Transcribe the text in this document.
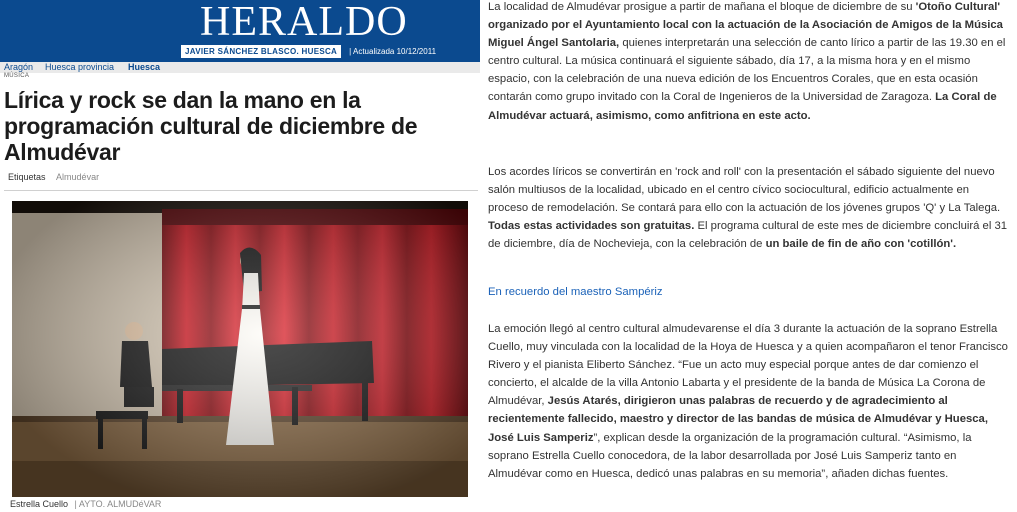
HERALDO
JAVIER SÁNCHEZ BLASCO. HUESCA	| Actualizada 10/12/2011
Aragón Huesca provincia Huesca
MÚSICA
Lírica y rock se dan la mano en la programación cultural de diciembre de Almudévar
Etiquetas Almudévar
Estrella Cuello | AYTO. ALMUDéVAR

La localidad de Almudévar prosigue a partir de mañana el bloque de diciembre de su 'Otoño Cultural' organizado por el Ayuntamiento local con la actuación de la Asociación de Amigos de la Música Miguel Ángel Santolaria, quienes interpretarán una selección de canto lírico a partir de las 19.30 en el centro cultural. La música continuará el siguiente sábado, día 17, a la misma hora y en el mismo espacio, con la celebración de una nueva edición de los Encuentros Corales, que en esta ocasión contarán como grupo invitado con la Coral de Ingenieros de la Universidad de Zaragoza. La Coral de Almudévar actuará, asimismo, como anfitriona en este acto.

Los acordes líricos se convertirán en 'rock and roll' con la presentación el sábado siguiente del nuevo salón multiusos de la localidad, ubicado en el centro cívico sociocultural, edificio actualmente en proceso de remodelación. Se contará para ello con la actuación de los jóvenes grupos 'Q' y La Talega. Todas estas actividades son gratuitas. El programa cultural de este mes de diciembre concluirá el 31 de diciembre, día de Nochevieja, con la celebración de un baile de fin de año con 'cotillón'.

En recuerdo del maestro Sampériz

La emoción llegó al centro cultural almudevarense el día 3 durante la actuación de la soprano Estrella Cuello, muy vinculada con la localidad de la Hoya de Huesca y a quien acompañaron el tenor Francisco Rivero y el pianista Eliberto Sánchez. “Fue un acto muy especial porque antes de dar comienzo el concierto, el alcalde de la villa Antonio Labarta y el presidente de la banda de Música La Corona de Almudévar, Jesús Atarés, dirigieron unas palabras de recuerdo y de agradecimiento al recientemente fallecido, maestro y director de las bandas de música de Almudévar y Huesca, José Luis Samperiz”, explican desde la organización de la programación cultural. “Asimismo, la soprano Estrella Cuello conocedora, de la labor desarrollada por José Luis Samperiz tanto en Almudévar como en Huesca, dedicó unas palabras en su memoria”, añaden dichas fuentes.
